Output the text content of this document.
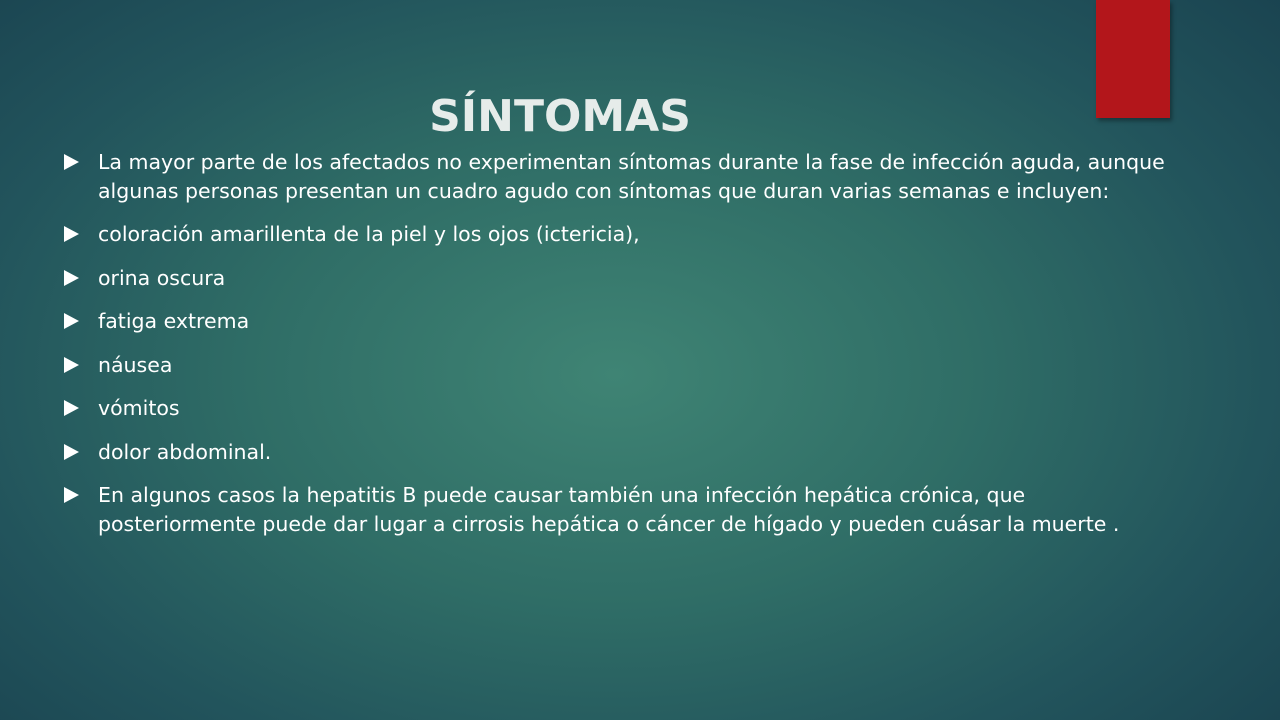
SÍNTOMAS
La mayor parte de los afectados no experimentan síntomas durante la fase de infección aguda, aunque algunas personas presentan un cuadro agudo con síntomas que duran varias semanas e incluyen:
coloración amarillenta de la piel y los ojos (ictericia),
orina oscura
fatiga extrema
náusea
vómitos
dolor abdominal.
En algunos casos la hepatitis B puede causar también una infección hepática crónica, que posteriormente puede dar lugar a cirrosis hepática o cáncer de hígado y pueden cuásar la muerte .
